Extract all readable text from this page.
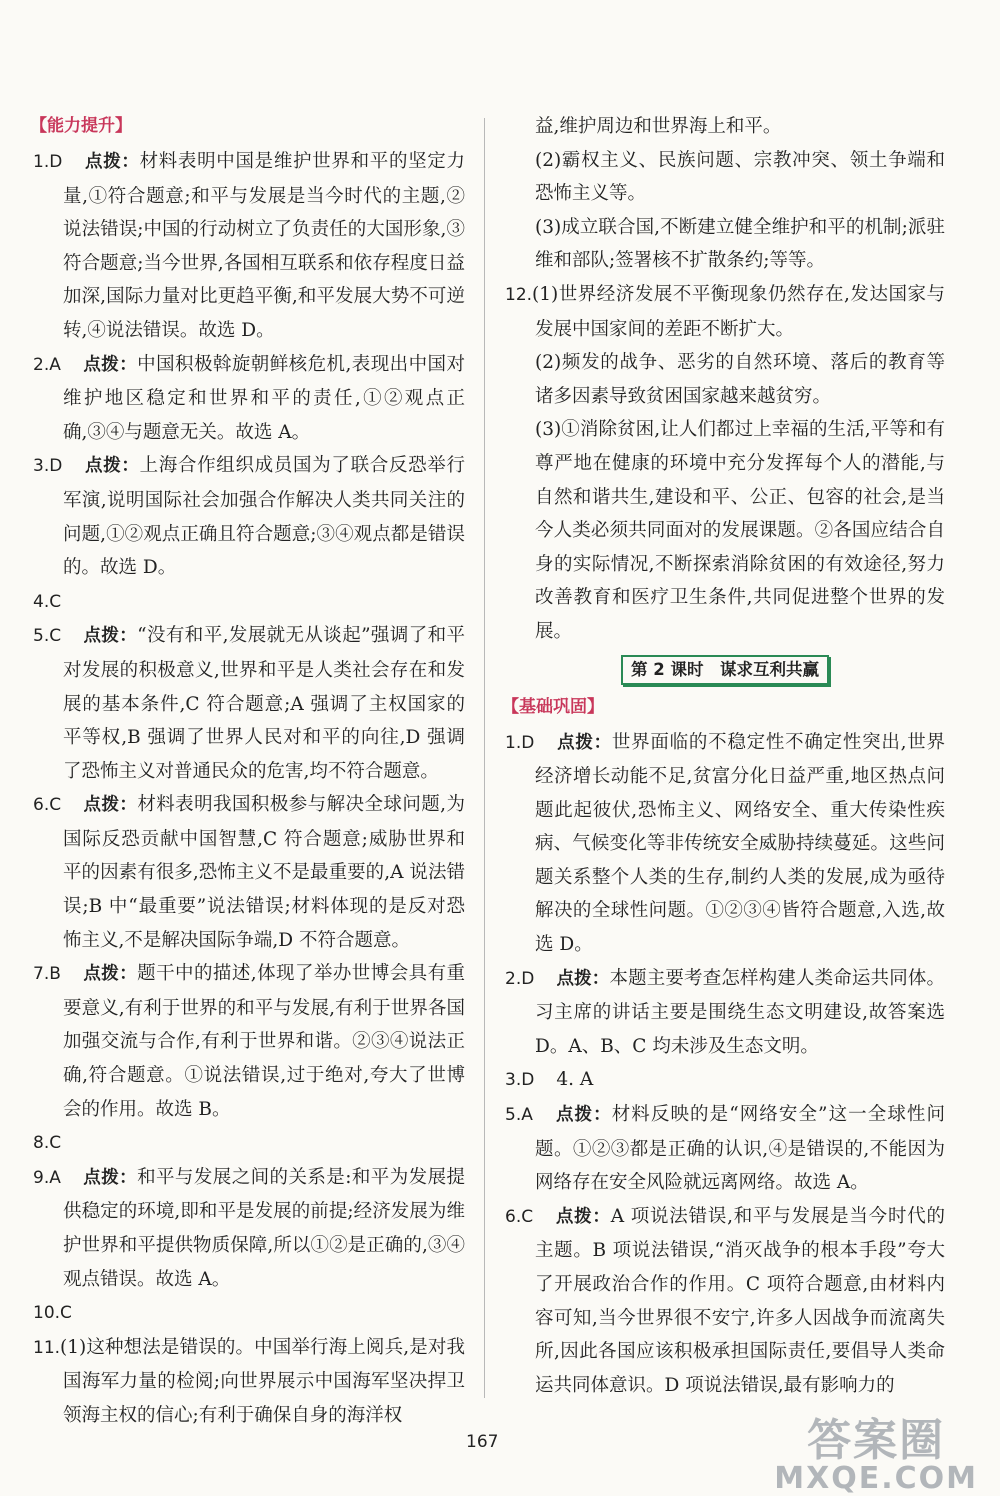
【能力提升】

1.D 点拨：材料表明中国是维护世界和平的坚定力量,①符合题意;和平与发展是当今时代的主题,②说法错误;中国的行动树立了负责任的大国形象,③符合题意;当今世界,各国相互联系和依存程度日益加深,国际力量对比更趋平衡,和平发展大势不可逆转,④说法错误。故选 D。

2.A 点拨：中国积极斡旋朝鲜核危机,表现出中国对维护地区稳定和世界和平的责任,①②观点正确,③④与题意无关。故选 A。

3.D 点拨：上海合作组织成员国为了联合反恐举行军演,说明国际社会加强合作解决人类共同关注的问题,①②观点正确且符合题意;③④观点都是错误的。故选 D。

4.C

5.C 点拨：“没有和平,发展就无从谈起”强调了和平对发展的积极意义,世界和平是人类社会存在和发展的基本条件,C 符合题意;A 强调了主权国家的平等权,B 强调了世界人民对和平的向往,D 强调了恐怖主义对普通民众的危害,均不符合题意。

6.C 点拨：材料表明我国积极参与解决全球问题,为国际反恐贡献中国智慧,C 符合题意;威胁世界和平的因素有很多,恐怖主义不是最重要的,A 说法错误;B 中“最重要”说法错误;材料体现的是反对恐怖主义,不是解决国际争端,D 不符合题意。

7.B 点拨：题干中的描述,体现了举办世博会具有重要意义,有利于世界的和平与发展,有利于世界各国加强交流与合作,有利于世界和谐。②③④说法正确,符合题意。①说法错误,过于绝对,夸大了世博会的作用。故选 B。

8.C

9.A 点拨：和平与发展之间的关系是:和平为发展提供稳定的环境,即和平是发展的前提;经济发展为维护世界和平提供物质保障,所以①②是正确的,③④观点错误。故选 A。

10.C

11.(1)这种想法是错误的。中国举行海上阅兵,是对我国海军力量的检阅;向世界展示中国海军坚决捍卫领海主权的信心;有利于确保自身的海洋权

益,维护周边和世界海上和平。

(2)霸权主义、民族问题、宗教冲突、领土争端和恐怖主义等。

(3)成立联合国,不断建立健全维护和平的机制;派驻维和部队;签署核不扩散条约;等等。

12.(1)世界经济发展不平衡现象仍然存在,发达国家与发展中国家间的差距不断扩大。

(2)频发的战争、恶劣的自然环境、落后的教育等诸多因素导致贫困国家越来越贫穷。

(3)①消除贫困,让人们都过上幸福的生活,平等和有尊严地在健康的环境中充分发挥每个人的潜能,与自然和谐共生,建设和平、公正、包容的社会,是当今人类必须共同面对的发展课题。②各国应结合自身的实际情况,不断探索消除贫困的有效途径,努力改善教育和医疗卫生条件,共同促进整个世界的发展。

第 2 课时　谋求互利共赢
【基础巩固】

1.D 点拨：世界面临的不稳定性不确定性突出,世界经济增长动能不足,贫富分化日益严重,地区热点问题此起彼伏,恐怖主义、网络安全、重大传染性疾病、气候变化等非传统安全威胁持续蔓延。这些问题关系整个人类的生存,制约人类的发展,成为亟待解决的全球性问题。①②③④皆符合题意,入选,故选 D。

2.D 点拨：本题主要考查怎样构建人类命运共同体。习主席的讲话主要是围绕生态文明建设,故答案选 D。A、B、C 均未涉及生态文明。

3.D 4. A

5.A 点拨：材料反映的是“网络安全”这一全球性问题。①②③都是正确的认识,④是错误的,不能因为网络存在安全风险就远离网络。故选 A。

6.C 点拨：A 项说法错误,和平与发展是当今时代的主题。B 项说法错误,“消灭战争的根本手段”夸大了开展政治合作的作用。C 项符合题意,由材料内容可知,当今世界很不安宁,许多人因战争而流离失所,因此各国应该积极承担国际责任,要倡导人类命运共同体意识。D 项说法错误,最有影响力的

167	答案圈
MXQE.COM
